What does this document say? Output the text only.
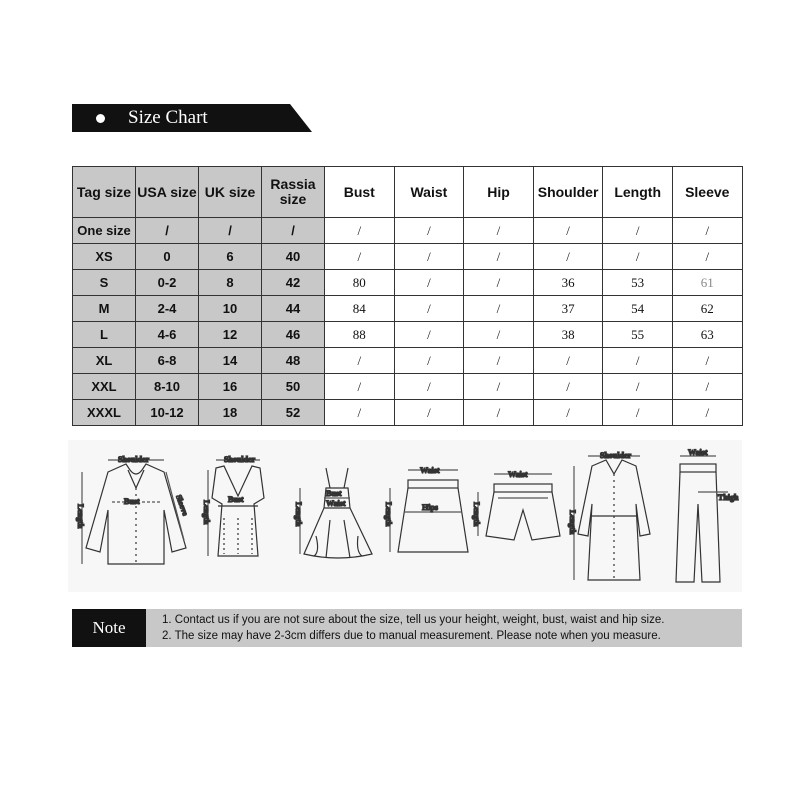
Size Chart
Tag size	USA size	UK size	Rassia size	Bust	Waist	Hip	Shoulder	Length	Sleeve
One size	/	/	/	/	/	/	/	/	/
XS	0	6	40	/	/	/	/	/	/
S	0-2	8	42	80	/	/	36	53	61
M	2-4	10	44	84	/	/	37	54	62
L	4-6	12	46	88	/	/	38	55	63
XL	6-8	14	48	/	/	/	/	/	/
XXL	8-10	16	50	/	/	/	/	/	/
XXXL	10-12	18	52	/	/	/	/	/	/
Shoulder
Bust	Sleeve
Length
Shoulder
Bust
Length
Bust
Waist
Length
Waist
Hips
Length
Waist
Length
Shoulder
Length
Waist
Thigh
Note	1. Contact us if you are not sure about the size, tell us your height, weight, bust, waist and hip size.
2. The size may have 2-3cm differs due to manual measurement. Please note when you measure.
